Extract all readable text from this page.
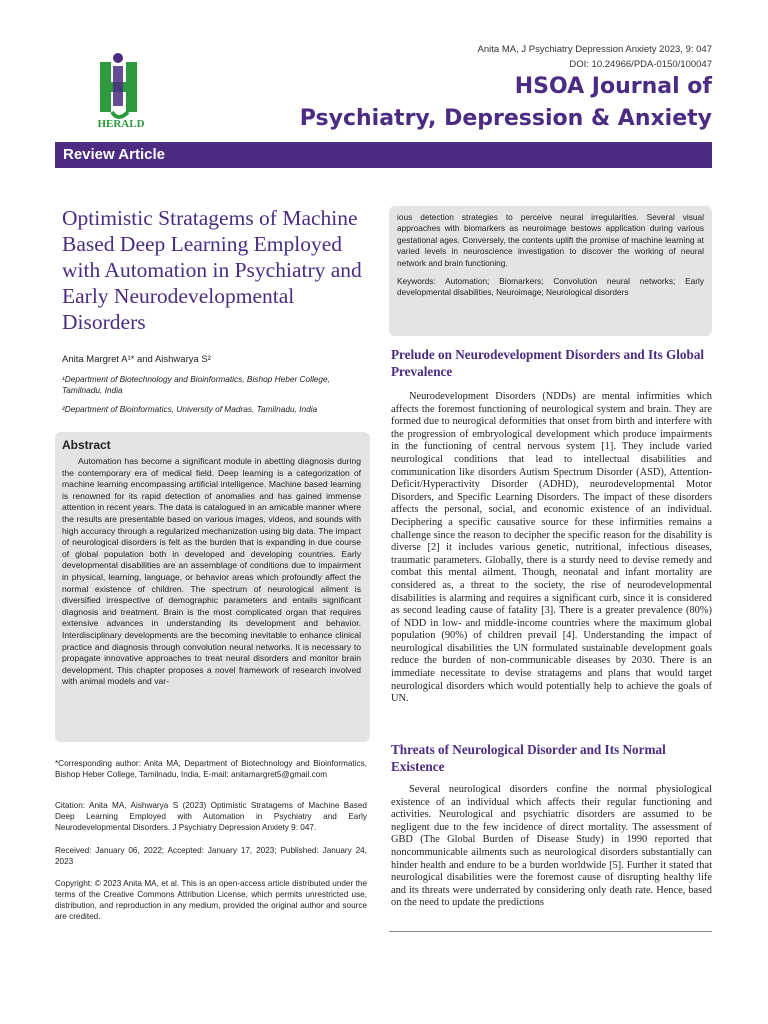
HERALD
Anita MA, J Psychiatry Depression Anxiety 2023, 9: 047
DOI: 10.24966/PDA-0150/100047
HSOA Journal of
Psychiatry, Depression & Anxiety
Review Article
Optimistic Stratagems of Machine Based Deep Learning Employed with Automation in Psychiatry and Early Neurodevelopmental Disorders
Anita Margret A¹* and Aishwarya S²
¹Department of Biotechnology and Bioinformatics, Bishop Heber College, Tamilnadu, India
²Department of Bioinformatics, University of Madras, Tamilnadu, India
Abstract

Automation has become a significant module in abetting diagnosis during the contemporary era of medical field. Deep learning is a categorization of machine learning encompassing artificial intelligence. Machine based learning is renowned for its rapid detection of anomalies and has gained immense attention in recent years. The data is catalogued in an amicable manner where the results are presentable based on various images, videos, and sounds with high accuracy through a regularized mechanization using big data. The impact of neurological disorders is felt as the burden that is expanding in due course of global population both in developed and developing countries. Early developmental disabilities are an assemblage of conditions due to impairment in physical, learning, language, or behavior areas which profoundly affect the normal existence of children. The spectrum of neurological ailment is diversified irrespective of demographic parameters and entails significant diagnosis and treatment. Brain is the most complicated organ that requires extensive advances in understanding its development and behavior. Interdisciplinary developments are the becoming inevitable to enhance clinical practice and diagnosis through convolution neural networks. It is necessary to propagate innovative approaches to treat neural disorders and monitor brain development. This chapter proposes a novel framework of research involved with animal models and var-

*Corresponding author: Anita MA, Department of Biotechnology and Bioinformatics, Bishop Heber College, Tamilnadu, India, E-mail: anitamargret5@gmail.com
Citation: Anita MA, Aishwarya S (2023) Optimistic Stratagems of Machine Based Deep Learning Employed with Automation in Psychiatry and Early Neurodevelopmental Disorders. J Psychiatry Depression Anxiety 9: 047.
Received: January 06, 2022; Accepted: January 17, 2023; Published: January 24, 2023
Copyright: © 2023 Anita MA, et al. This is an open-access article distributed under the terms of the Creative Commons Attribution License, which permits unrestricted use, distribution, and reproduction in any medium, provided the original author and source are credited.

ious detection strategies to perceive neural irregularities. Several visual approaches with biomarkers as neuroimage bestows application during various gestational ages. Conversely, the contents uplift the promise of machine learning at varied levels in neuroscience investigation to discover the working of neural network and brain functioning.

Keywords: Automation; Biomarkers; Convolution neural networks; Early developmental disabilities, Neuroimage; Neurological disorders

Prelude on Neurodevelopment Disorders and Its Global Prevalence

Neurodevelopment Disorders (NDDs) are mental infirmities which affects the foremost functioning of neurological system and brain. They are formed due to neurogical deformities that onset from birth and interfere with the progression of embryological development which produce impairments in the functioning of central nervous system [1]. They include varied neurological conditions that lead to intellectual disabilities and communication like disorders Autism Spectrum Disorder (ASD), Attention-Deficit/Hyperactivity Disorder (ADHD), neurodevelopmental Motor Disorders, and Specific Learning Disorders. The impact of these disorders affects the personal, social, and economic existence of an individual. Deciphering a specific causative source for these infirmities remains a challenge since the reason to decipher the specific reason for the disability is diverse [2] it includes various genetic, nutritional, infectious diseases, traumatic parameters. Globally, there is a sturdy need to devise remedy and combat this mental ailment. Though, neonatal and infant mortality are considered as, a threat to the society, the rise of neurodevelopmental disabilities is alarming and requires a significant curb, since it is considered as second leading cause of fatality [3]. There is a greater prevalence (80%) of NDD in low- and middle-income countries where the maximum global population (90%) of children prevail [4]. Understanding the impact of neurological disabilities the UN formulated sustainable development goals reduce the burden of non-communicable diseases by 2030. There is an immediate necessitate to devise stratagems and plans that would target neurological disorders which would potentially help to achieve the goals of UN.

Threats of Neurological Disorder and Its Normal Existence

Several neurological disorders confine the normal physiological existence of an individual which affects their regular functioning and activities. Neurological and psychiatric disorders are assumed to be negligent due to the few incidence of direct mortality. The assessment of GBD (The Global Burden of Disease Study) in 1990 reported that noncommunicable ailments such as neurological disorders substantially can hinder health and endure to be a burden worldwide [5]. Further it stated that neurological disabilities were the foremost cause of disrupting healthy life and its threats were underrated by considering only death rate. Hence, based on the need to update the predictions
